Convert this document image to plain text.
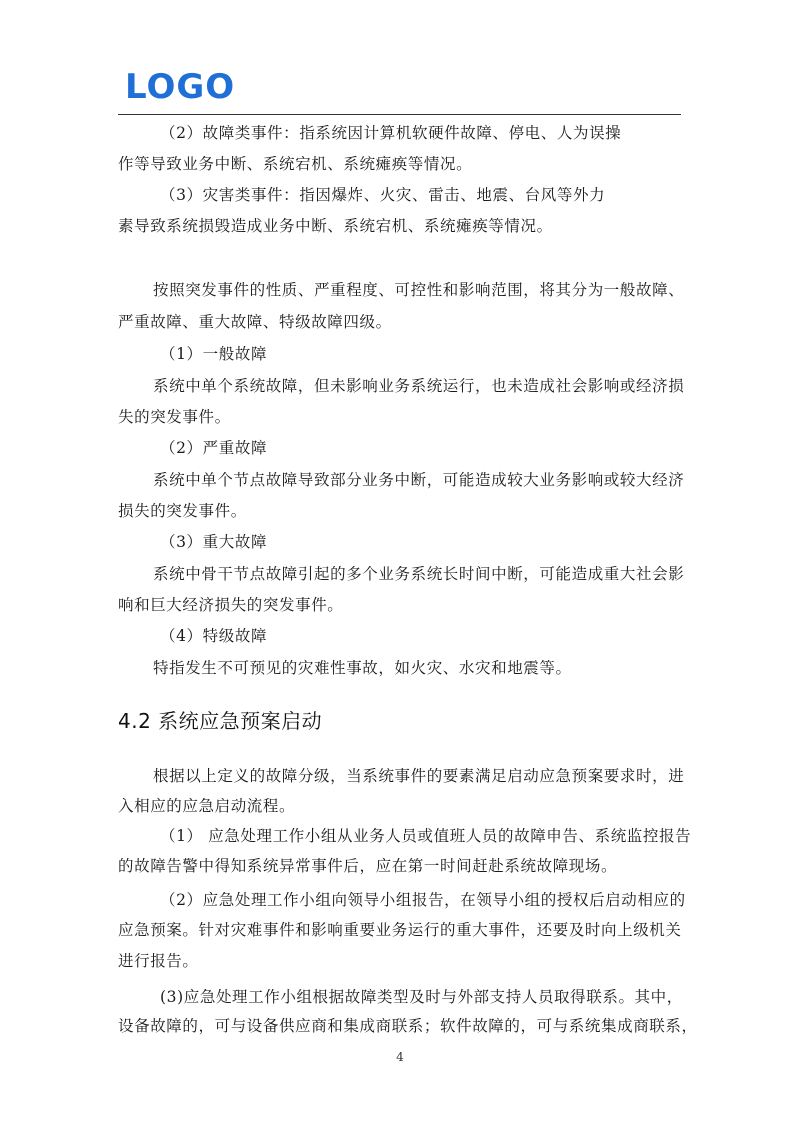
LOGO
（2）故障类事件：指系统因计算机软硬件故障、停电、人为误操
作等导致业务中断、系统宕机、系统瘫痪等情况。
（3）灾害类事件：指因爆炸、火灾、雷击、地震、台风等外力
素导致系统损毁造成业务中断、系统宕机、系统瘫痪等情况。
按照突发事件的性质、严重程度、可控性和影响范围，将其分为一般故障、
严重故障、重大故障、特级故障四级。
（1）一般故障
系统中单个系统故障，但未影响业务系统运行，也未造成社会影响或经济损
失的突发事件。
（2）严重故障
系统中单个节点故障导致部分业务中断，可能造成较大业务影响或较大经济
损失的突发事件。
（3）重大故障
系统中骨干节点故障引起的多个业务系统长时间中断，可能造成重大社会影
响和巨大经济损失的突发事件。
（4）特级故障
特指发生不可预见的灾难性事故，如火灾、水灾和地震等。
4.2 系统应急预案启动
根据以上定义的故障分级，当系统事件的要素满足启动应急预案要求时，进
入相应的应急启动流程。
（1） 应急处理工作小组从业务人员或值班人员的故障申告、系统监控报告
的故障告警中得知系统异常事件后，应在第一时间赶赴系统故障现场。
（2）应急处理工作小组向领导小组报告，在领导小组的授权后启动相应的
应急预案。针对灾难事件和影响重要业务运行的重大事件，还要及时向上级机关
进行报告。
(3)应急处理工作小组根据故障类型及时与外部支持人员取得联系。其中，
设备故障的，可与设备供应商和集成商联系；软件故障的，可与系统集成商联系，
4
